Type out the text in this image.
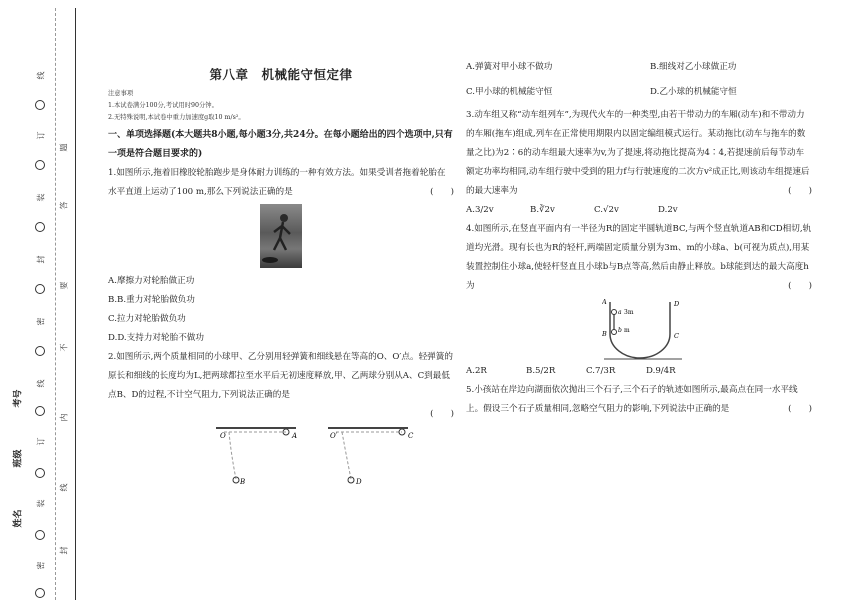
线
订
题
装
答
封
要
密
不
线
内
订
线
装
封
密
考号
班级
姓名
第八章　机械能守恒定律
注意事项
1.本试卷满分100分,考试用时90分钟。
2.无特殊说明,本试卷中重力加速度g取10 m/s²。

一、单项选择题(本大题共8小题,每小题3分,共24分。在每小题给出的四个选项中,只有一项是符合题目要求的)

1.如图所示,拖着旧橡胶轮胎跑步是身体耐力训练的一种有效方法。如果受训者拖着轮胎在水平直道上运动了100 m,那么下列说法正确的是	(　　)

A.摩擦力对轮胎做正功

B.B.重力对轮胎做负功

C.拉力对轮胎做负功

D.D.支持力对轮胎不做功

2.如图所示,两个质量相同的小球甲、乙分别用轻弹簧和细线悬在等高的O、O′点。轻弹簧的原长和细线的长度均为L,把两球都拉至水平后无初速度释放,甲、乙两球分别从A、C到最低点B、D的过程,不计空气阻力,下列说法正确的是

(　　)

O	A
B
O′	C
D
A.弹簧对甲小球不做功	B.细线对乙小球做正功
C.甲小球的机械能守恒	D.乙小球的机械能守恒

3.动车组又称“动车组列车”,为现代火车的一种类型,由若干带动力的车厢(动车)和不带动力的车厢(拖车)组成,列车在正常使用期限内以固定编组模式运行。某动拖比(动车与拖车的数量之比)为2∶6的动车组最大速率为v,为了提速,将动拖比提高为4∶4,若提速前后每节动车额定功率均相同,动车组行驶中受到的阻力f与行驶速度的二次方v²成正比,则该动车组提速后的最大速率为	(　　)

A.3/2v	B.∛2v	C.√2v	D.2v

4.如图所示,在竖直平面内有一半径为R的固定半圆轨道BC,与两个竖直轨道AB和CD相切,轨道均光滑。现有长也为R的轻杆,两端固定质量分别为3m、m的小球a、b(可视为质点),用某装置控制住小球a,使轻杆竖直且小球b与B点等高,然后由静止释放。b球能到达的最大高度h为	(　　)

A
a 3m
b m
B
D
C
A.2R	B.5/2R	C.7/3R	D.9/4R

5.小孩站在岸边向湖面依次抛出三个石子,三个石子的轨迹如图所示,最高点在同一水平线上。假设三个石子质量相同,忽略空气阻力的影响,下列说法中正确的是	(　　)
